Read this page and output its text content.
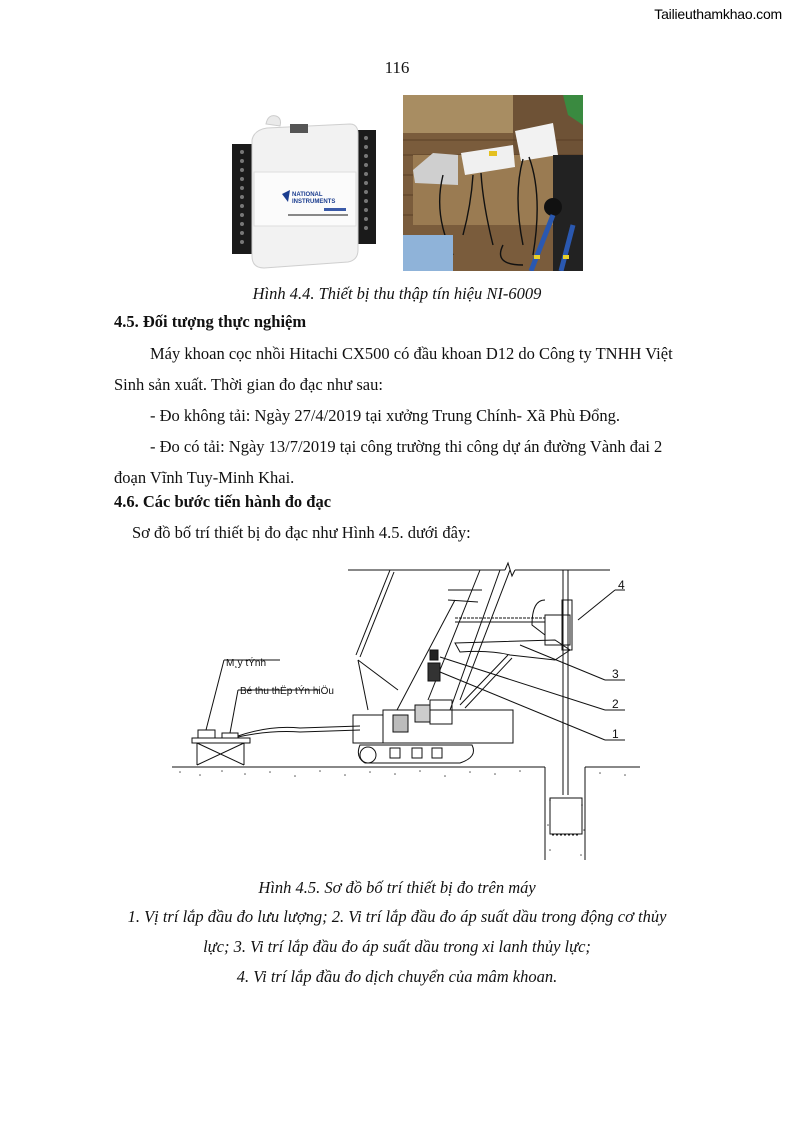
Tailieuthamkhao.com
116
NATIONAL
INSTRUMENTS
Hình 4.4. Thiết bị thu thập tín hiệu NI-6009
4.5. Đối tượng thực nghiệm
Máy khoan cọc nhồi Hitachi CX500 có đầu khoan D12 do Công ty TNHH Việt
Sinh sản xuất. Thời gian đo đạc như sau:
- Đo không tải: Ngày 27/4/2019 tại xưởng Trung Chính- Xã Phù Đổng.
- Đo có tải: Ngày 13/7/2019 tại công trường thi công dự án đường Vành đai 2
đoạn Vĩnh Tuy-Minh Khai.
4.6. Các bước tiến hành đo đạc
Sơ đồ bố trí thiết bị đo đạc như Hình 4.5. dưới đây:
M¸y tÝnh
Bé thu thËp tÝn hiÖu
4
3
2
1
Hình 4.5. Sơ đồ bố trí thiết bị đo trên máy
1. Vị trí lắp đầu đo lưu lượng; 2. Vi trí lắp đầu đo áp suất dầu trong động cơ thủy
lực; 3. Vi trí lắp đầu đo áp suất dầu trong xi lanh thủy lực;
4. Vi trí lắp đầu đo dịch chuyển của mâm khoan.
